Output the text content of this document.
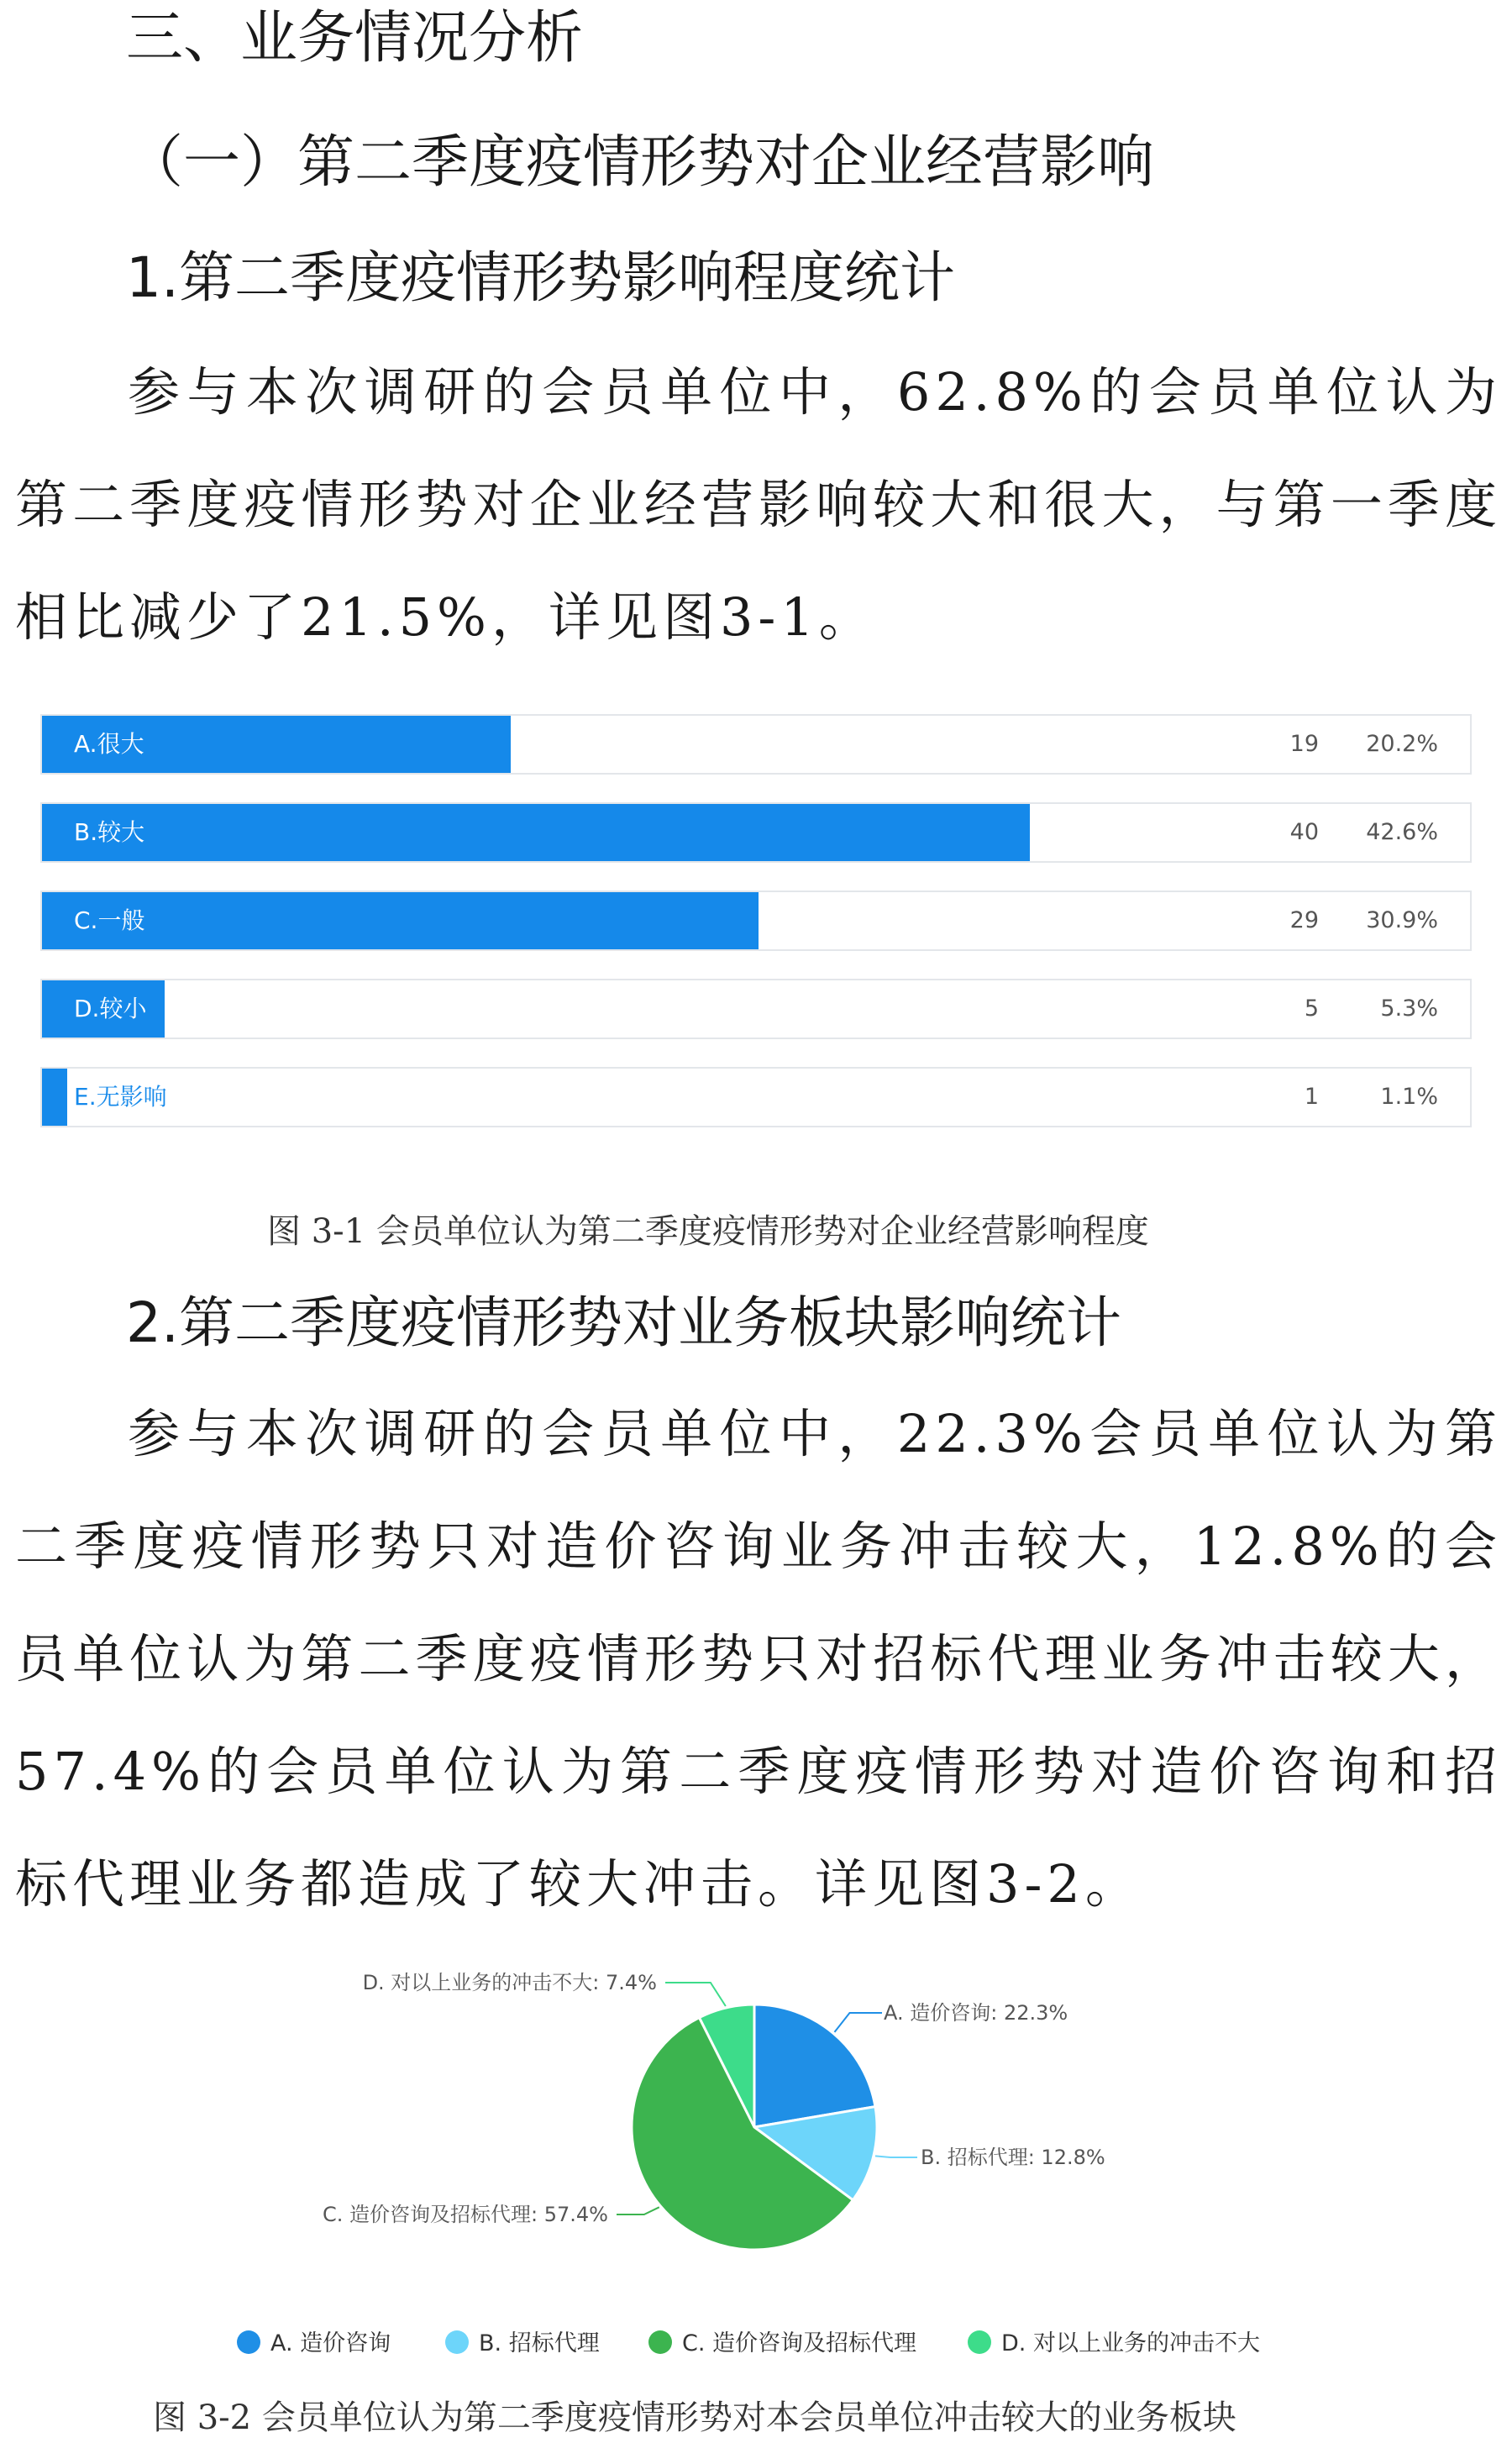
三、业务情况分析
（一）第二季度疫情形势对企业经营影响
1.第二季度疫情形势影响程度统计
参与本次调研的会员单位中，62.8%的会员单位认为第二季度疫情形势对企业经营影响较大和很大，与第一季度相比减少了21.5%，详见图3-1。
A.很大	19	20.2%
B.较大	40	42.6%
C.一般	29	30.9%
D.较小	5	5.3%
E.无影响	1	1.1%
图 3-1 会员单位认为第二季度疫情形势对企业经营影响程度
2.第二季度疫情形势对业务板块影响统计
参与本次调研的会员单位中，22.3%会员单位认为第二季度疫情形势只对造价咨询业务冲击较大，12.8%的会员单位认为第二季度疫情形势只对招标代理业务冲击较大，57.4%的会员单位认为第二季度疫情形势对造价咨询和招标代理业务都造成了较大冲击。详见图3-2。
A. 造价咨询: 22.3%
B. 招标代理: 12.8%
C. 造价咨询及招标代理: 57.4%
D. 对以上业务的冲击不大: 7.4%
A. 造价咨询	B. 招标代理	C. 造价咨询及招标代理	D. 对以上业务的冲击不大
图 3-2 会员单位认为第二季度疫情形势对本会员单位冲击较大的业务板块
